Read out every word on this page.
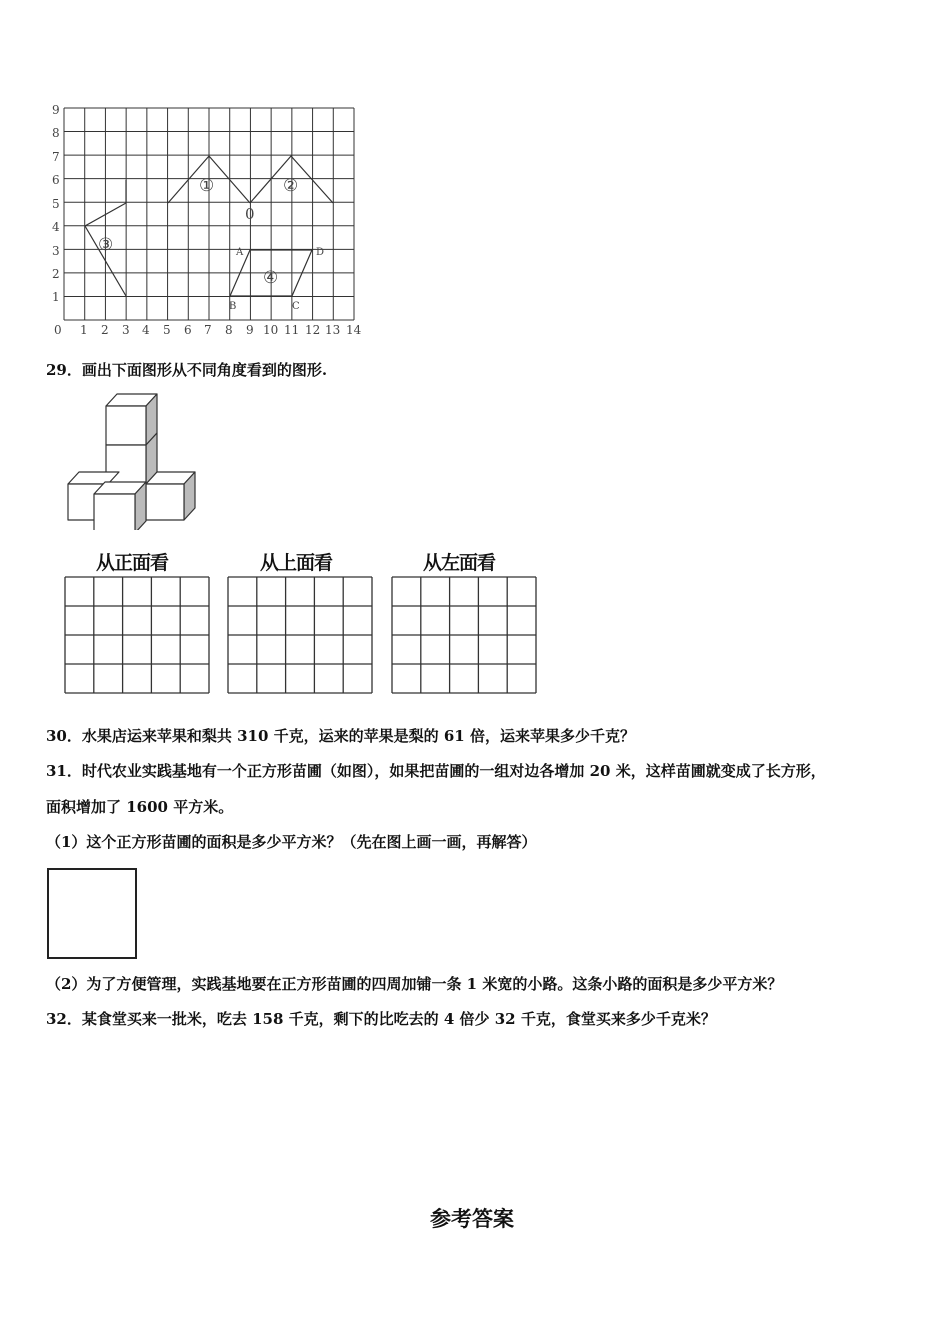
0 1 2 3 4 5 6 7 8 9 10 11 12 13 14
1
2
3
4
5
6
7
8
9
①	②
③
④
0
A
B	C
D
29．画出下面图形从不同角度看到的图形.
从正面看	从上面看	从左面看
30．水果店运来苹果和梨共 310 千克，运来的苹果是梨的 61 倍，运来苹果多少千克？
31．时代农业实践基地有一个正方形苗圃（如图），如果把苗圃的一组对边各增加 20 米，这样苗圃就变成了长方形，
面积增加了 1600 平方米。
（1）这个正方形苗圃的面积是多少平方米？（先在图上画一画，再解答）
（2）为了方便管理，实践基地要在正方形苗圃的四周加铺一条 1 米宽的小路。这条小路的面积是多少平方米？
32．某食堂买来一批米，吃去 158 千克，剩下的比吃去的 4 倍少 32 千克，食堂买来多少千克米？
参考答案
